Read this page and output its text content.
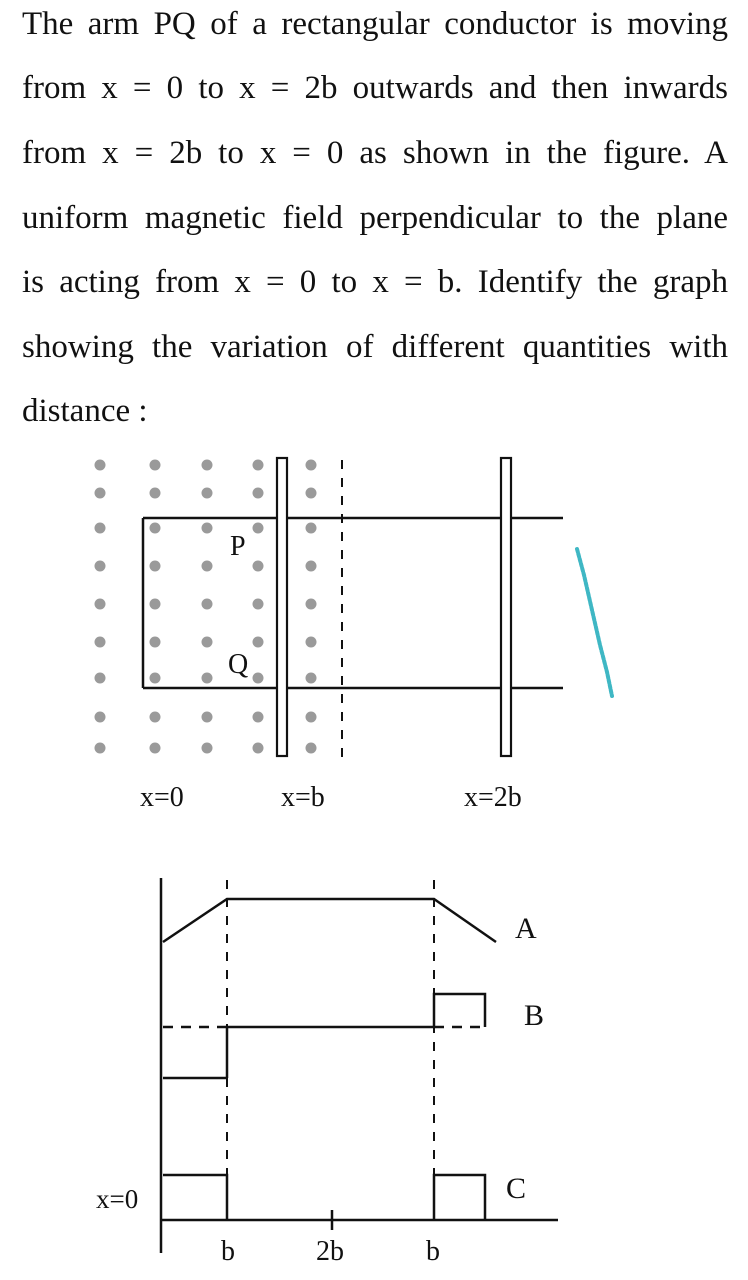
The arm PQ of a rectangular conductor is moving
from x = 0 to x = 2b outwards and then inwards
from x = 2b to x = 0 as shown in the figure. A
uniform magnetic field perpendicular to the plane
is acting from x = 0 to x = b. Identify the graph
showing the variation of different quantities with
distance :
P
Q
x=0	x=b	x=2b
A
B
C
x=0
b	2b	b
